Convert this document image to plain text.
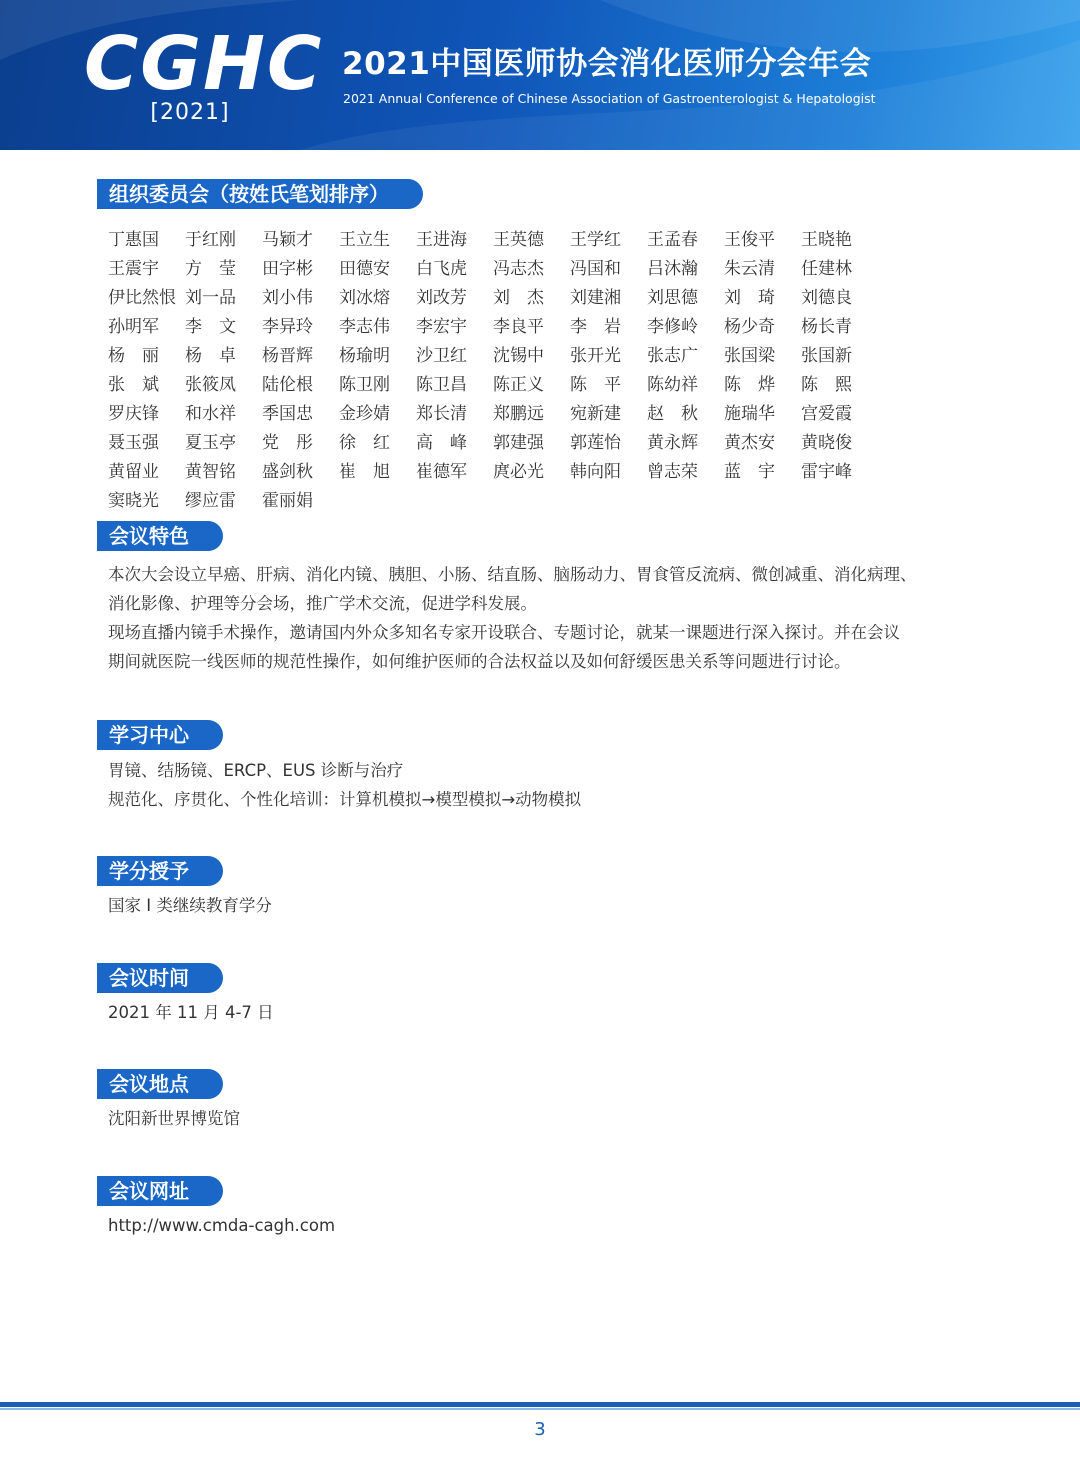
CGHC
[2021]
2021中国医师协会消化医师分会年会
2021 Annual Conference of Chinese Association of Gastroenterologist & Hepatologist
组织委员会（按姓氏笔划排序）
丁惠国	于红刚	马颖才	王立生	王进海	王英德	王学红	王孟春	王俊平	王晓艳
王震宇	方　莹	田字彬	田德安	白飞虎	冯志杰	冯国和	吕沐瀚	朱云清	任建林
伊比然恨 刘一品	刘小伟	刘冰熔	刘改芳	刘　杰	刘建湘	刘思德	刘　琦	刘德良
孙明军	李　文	李异玲	李志伟	李宏宇	李良平	李　岩	李修岭	杨少奇	杨长青
杨　丽	杨　卓	杨晋辉	杨瑜明	沙卫红	沈锡中	张开光	张志广	张国梁	张国新
张　斌	张筱凤	陆伦根	陈卫刚	陈卫昌	陈正义	陈　平	陈幼祥	陈　烨	陈　熙
罗庆锋	和水祥	季国忠	金珍婧	郑长清	郑鹏远	宛新建	赵　秋	施瑞华	宫爱霞
聂玉强	夏玉亭	党　彤	徐　红	高　峰	郭建强	郭莲怡	黄永辉	黄杰安	黄晓俊
黄留业	黄智铭	盛剑秋	崔　旭	崔德军	庹必光	韩向阳	曾志荣	蓝　宇	雷宇峰
窦晓光	缪应雷	霍丽娟
会议特色
本次大会设立早癌、肝病、消化内镜、胰胆、小肠、结直肠、脑肠动力、胃食管反流病、微创减重、消化病理、
消化影像、护理等分会场，推广学术交流，促进学科发展。
现场直播内镜手术操作，邀请国内外众多知名专家开设联合、专题讨论，就某一课题进行深入探讨。并在会议
期间就医院一线医师的规范性操作，如何维护医师的合法权益以及如何舒缓医患关系等问题进行讨论。
学习中心
胃镜、结肠镜、ERCP、EUS 诊断与治疗
规范化、序贯化、个性化培训：计算机模拟→模型模拟→动物模拟
学分授予
国家 I 类继续教育学分
会议时间
2021 年 11 月 4-7 日
会议地点
沈阳新世界博览馆
会议网址
http://www.cmda-cagh.com
3
